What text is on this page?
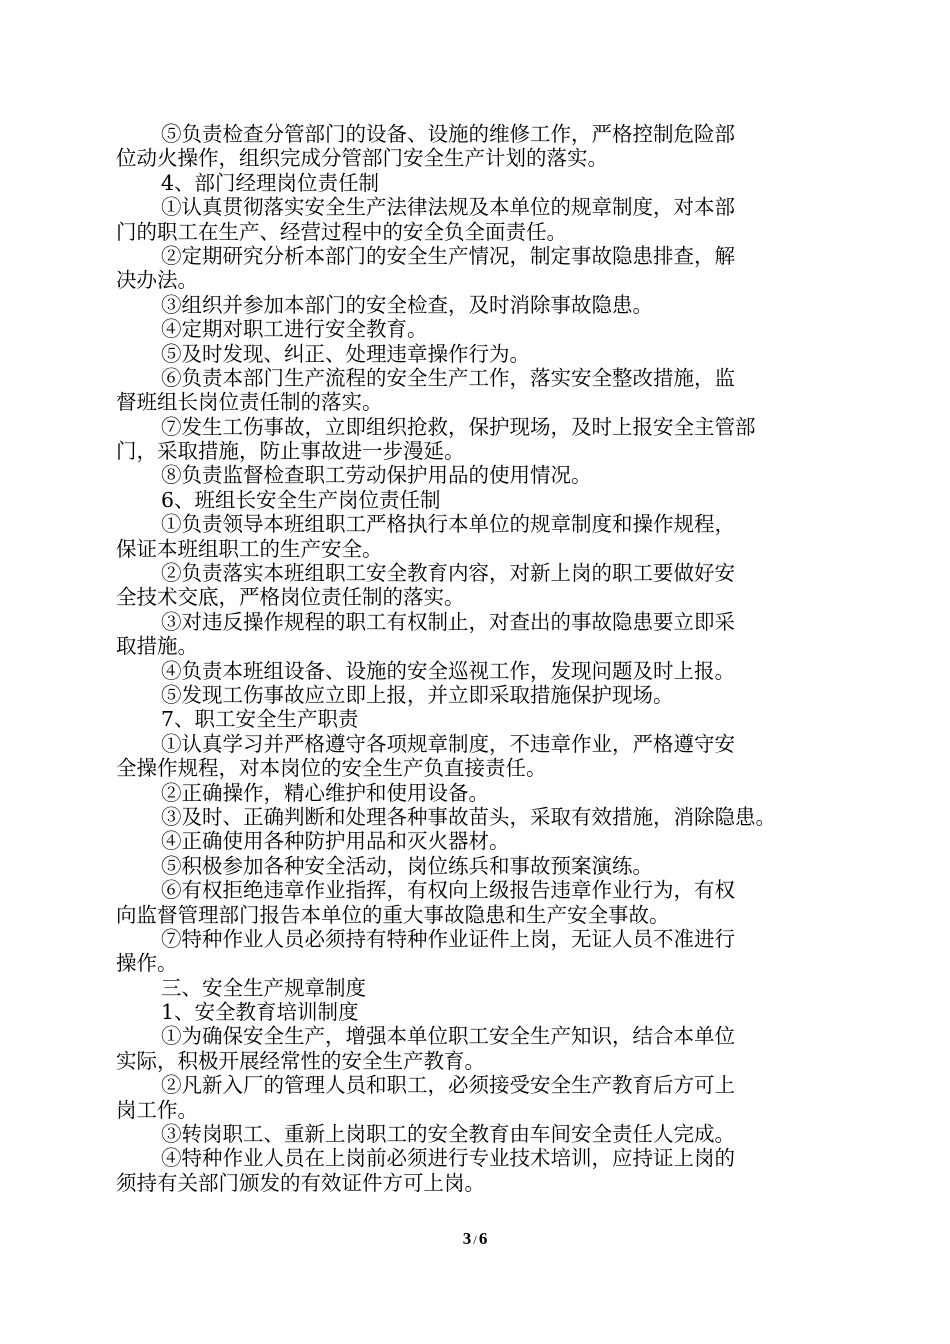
⑤负责检查分管部门的设备、设施的维修工作，严格控制危险部
位动火操作，组织完成分管部门安全生产计划的落实。
4、部门经理岗位责任制
①认真贯彻落实安全生产法律法规及本单位的规章制度，对本部
门的职工在生产、经营过程中的安全负全面责任。
②定期研究分析本部门的安全生产情况，制定事故隐患排查，解
决办法。
③组织并参加本部门的安全检查，及时消除事故隐患。
④定期对职工进行安全教育。
⑤及时发现、纠正、处理违章操作行为。
⑥负责本部门生产流程的安全生产工作，落实安全整改措施，监
督班组长岗位责任制的落实。
⑦发生工伤事故，立即组织抢救，保护现场，及时上报安全主管部
门，采取措施，防止事故进一步漫延。
⑧负责监督检查职工劳动保护用品的使用情况。
6、班组长安全生产岗位责任制
①负责领导本班组职工严格执行本单位的规章制度和操作规程，
保证本班组职工的生产安全。
②负责落实本班组职工安全教育内容，对新上岗的职工要做好安
全技术交底，严格岗位责任制的落实。
③对违反操作规程的职工有权制止，对查出的事故隐患要立即采
取措施。
④负责本班组设备、设施的安全巡视工作，发现问题及时上报。
⑤发现工伤事故应立即上报，并立即采取措施保护现场。
7、职工安全生产职责
①认真学习并严格遵守各项规章制度，不违章作业，严格遵守安
全操作规程，对本岗位的安全生产负直接责任。
②正确操作，精心维护和使用设备。
③及时、正确判断和处理各种事故苗头，采取有效措施，消除隐患。
④正确使用各种防护用品和灭火器材。
⑤积极参加各种安全活动，岗位练兵和事故预案演练。
⑥有权拒绝违章作业指挥，有权向上级报告违章作业行为，有权
向监督管理部门报告本单位的重大事故隐患和生产安全事故。
⑦特种作业人员必须持有特种作业证件上岗，无证人员不准进行
操作。
三、安全生产规章制度
1、安全教育培训制度
①为确保安全生产，增强本单位职工安全生产知识，结合本单位
实际，积极开展经常性的安全生产教育。
②凡新入厂的管理人员和职工，必须接受安全生产教育后方可上
岗工作。
③转岗职工、重新上岗职工的安全教育由车间安全责任人完成。
④特种作业人员在上岗前必须进行专业技术培训，应持证上岗的
须持有关部门颁发的有效证件方可上岗。
3 / 6
